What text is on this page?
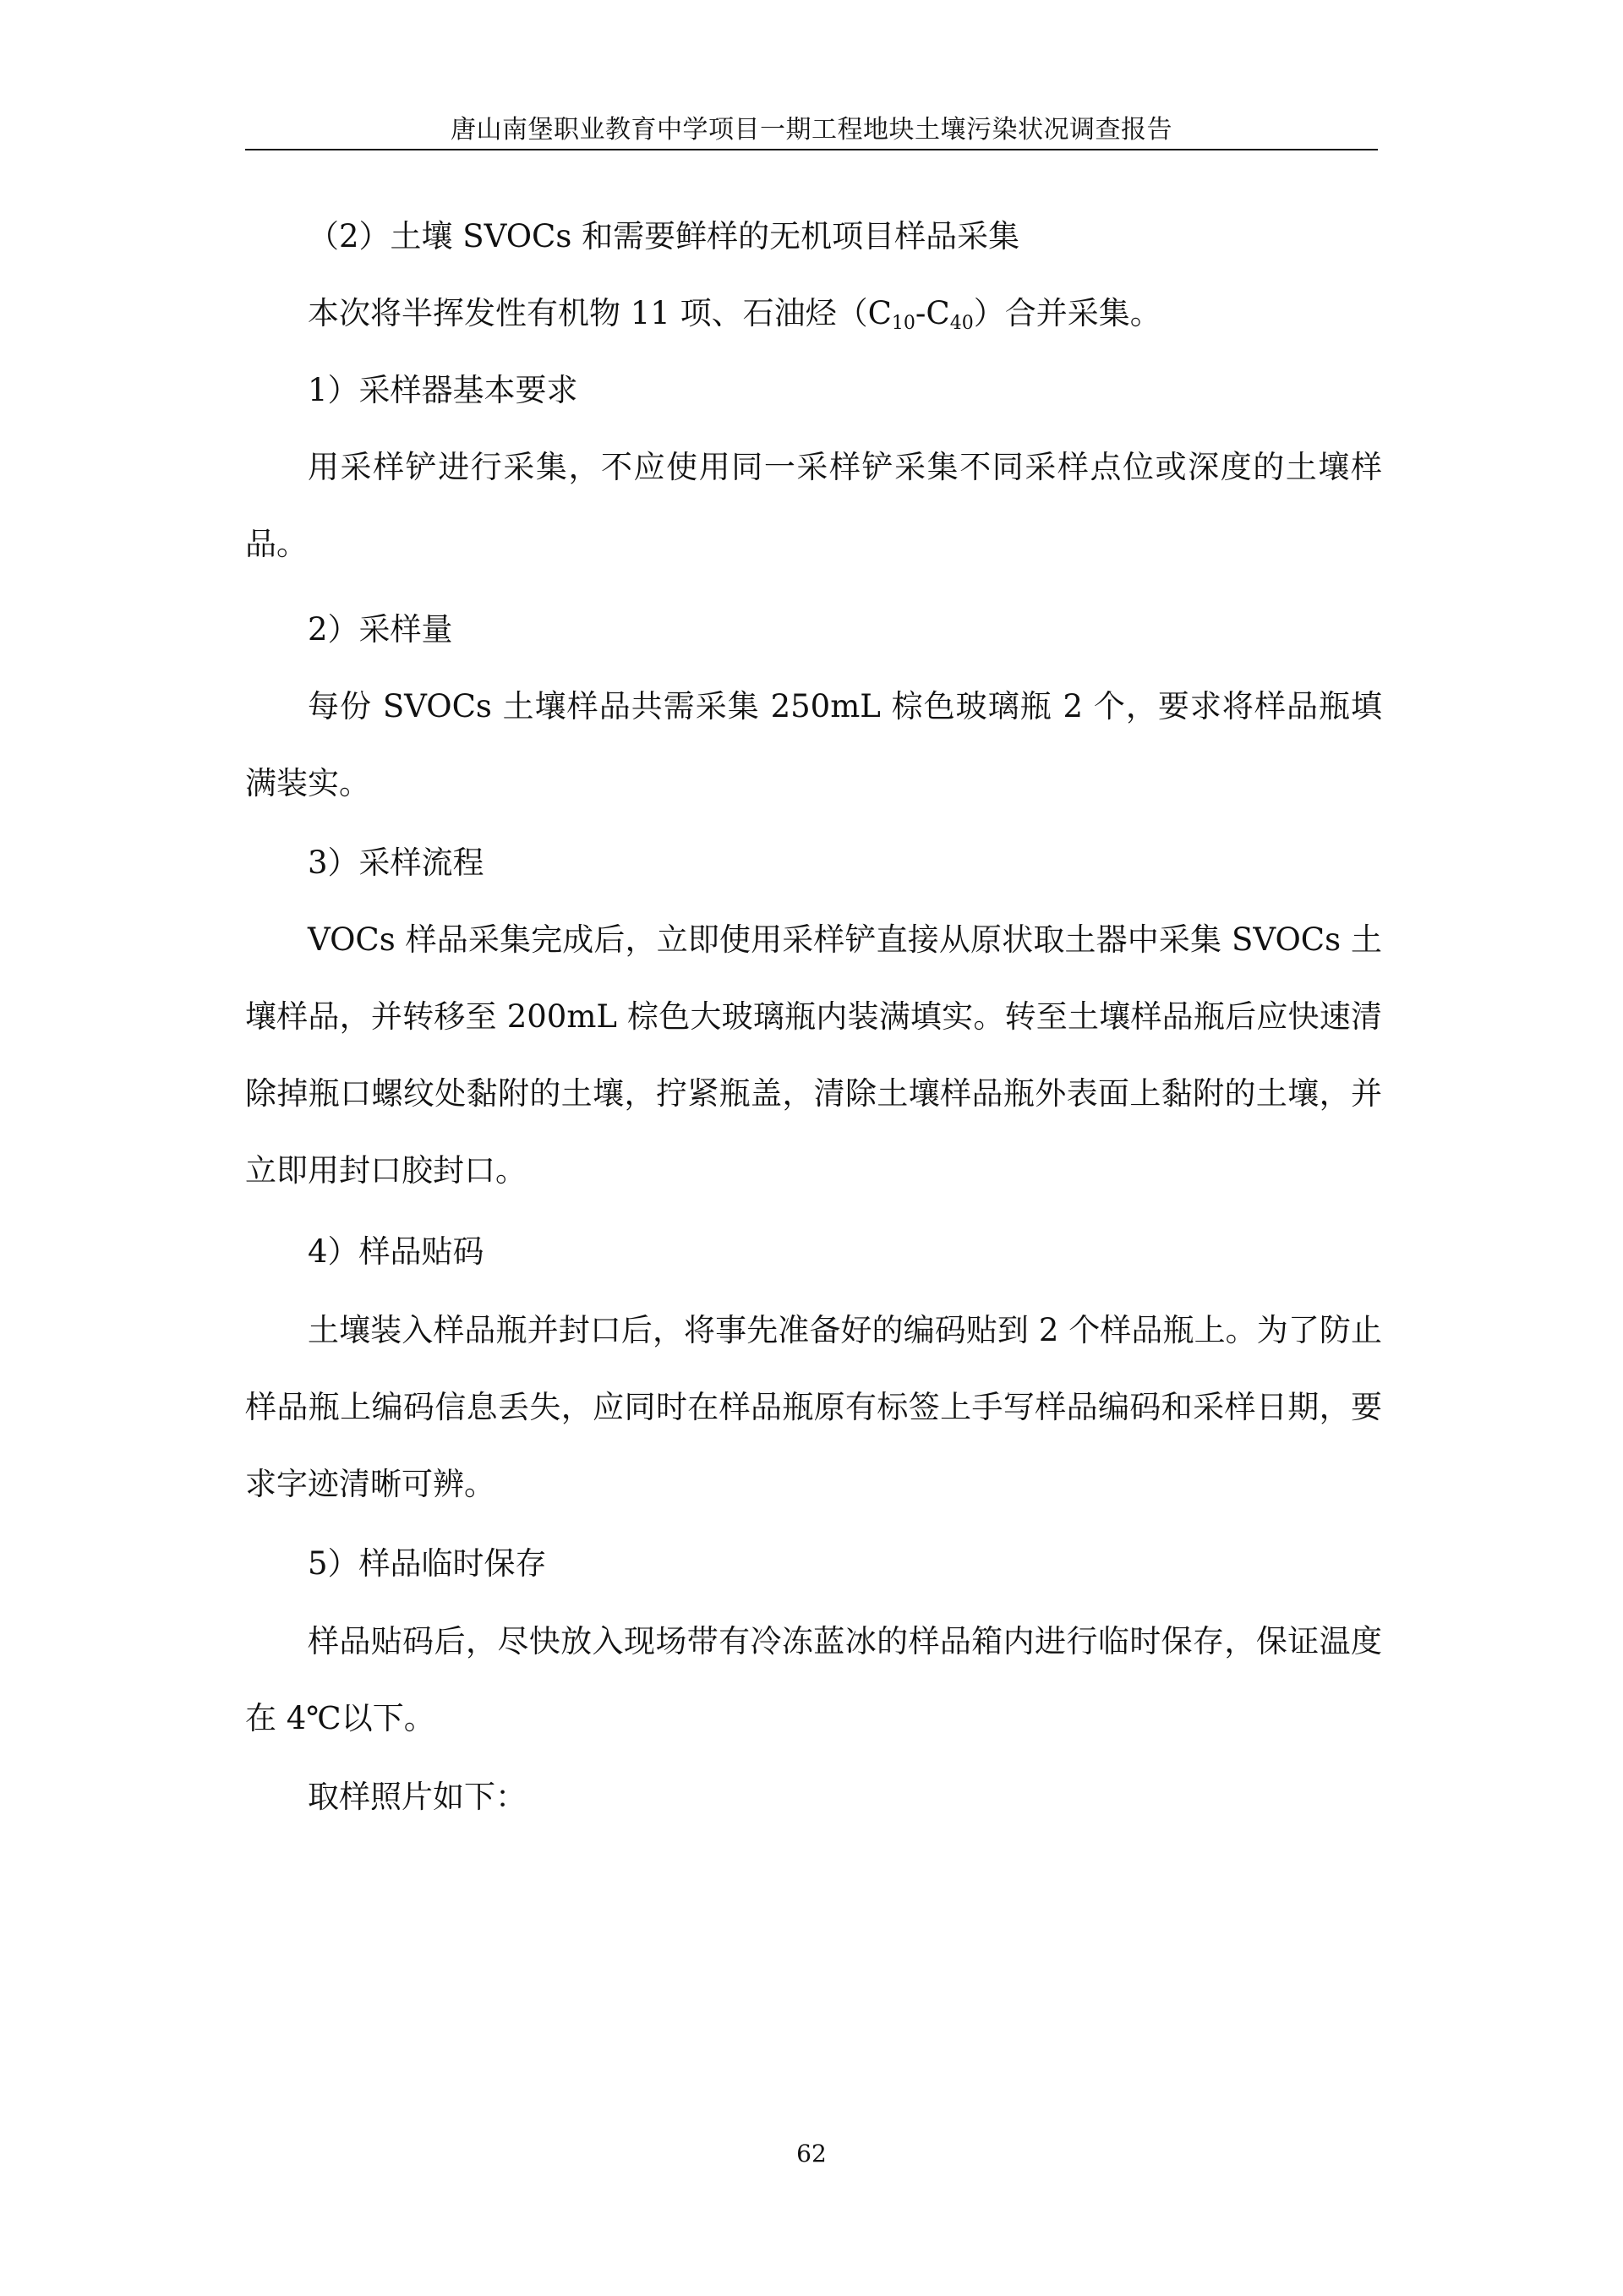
唐山南堡职业教育中学项目一期工程地块土壤污染状况调查报告
（2）土壤 SVOCs 和需要鲜样的无机项目样品采集
本次将半挥发性有机物 11 项、石油烃$(C_{10}-C_{40})$合并采集。
1）采样器基本要求
用采样铲进行采集，不应使用同一采样铲采集不同采样点位或深度的土壤样品。
2）采样量
每份 SVOCs 土壤样品共需采集 250mL 棕色玻璃瓶 2 个，要求将样品瓶填满装实。
3）采样流程
VOCs 样品采集完成后，立即使用采样铲直接从原状取土器中采集 SVOCs 土壤样品，并转移至 200mL 棕色大玻璃瓶内装满填实。转至土壤样品瓶后应快速清除掉瓶口螺纹处黏附的土壤，拧紧瓶盖，清除土壤样品瓶外表面上黏附的土壤，并立即用封口胶封口。
4）样品贴码
土壤装入样品瓶并封口后，将事先准备好的编码贴到 2 个样品瓶上。为了防止样品瓶上编码信息丢失，应同时在样品瓶原有标签上手写样品编码和采样日期，要求字迹清晰可辨。
5）样品临时保存
样品贴码后，尽快放入现场带有冷冻蓝冰的样品箱内进行临时保存，保证温度在 4℃以下。
取样照片如下：
62
